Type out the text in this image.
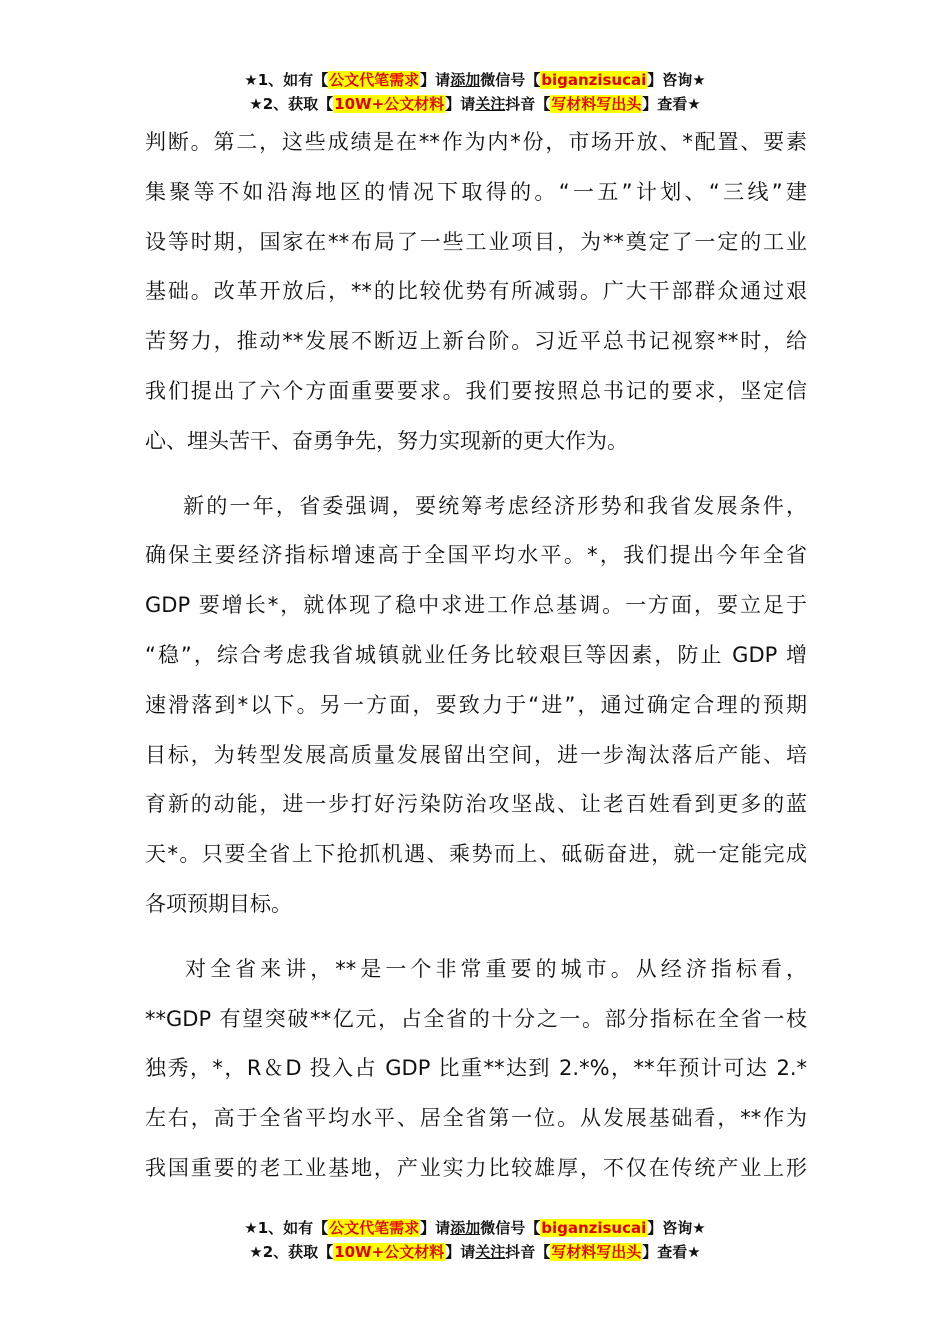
★1、如有【公文代笔需求】请添加微信号【biganzisucai】咨询★
★2、获取【10W+公文材料】请关注抖音【写材料写出头】查看★

判断。第二，这些成绩是在**作为内*份，市场开放、*配置、要素
集聚等不如沿海地区的情况下取得的。“一五”计划、“三线”建
设等时期，国家在**布局了一些工业项目，为**奠定了一定的工业
基础。改革开放后，**的比较优势有所减弱。广大干部群众通过艰
苦努力，推动**发展不断迈上新台阶。习近平总书记视察**时，给
我们提出了六个方面重要要求。我们要按照总书记的要求，坚定信
心、埋头苦干、奋勇争先，努力实现新的更大作为。

新的一年，省委强调，要统筹考虑经济形势和我省发展条件，
确保主要经济指标增速高于全国平均水平。*，我们提出今年全省
GDP 要增长*，就体现了稳中求进工作总基调。一方面，要立足于
“稳”，综合考虑我省城镇就业任务比较艰巨等因素，防止 GDP 增
速滑落到*以下。另一方面，要致力于“进”，通过确定合理的预期
目标，为转型发展高质量发展留出空间，进一步淘汰落后产能、培
育新的动能，进一步打好污染防治攻坚战、让老百姓看到更多的蓝
天*。只要全省上下抢抓机遇、乘势而上、砥砺奋进，就一定能完成
各项预期目标。

对全省来讲，**是一个非常重要的城市。从经济指标看，
**GDP 有望突破**亿元，占全省的十分之一。部分指标在全省一枝
独秀，*，R＆D 投入占 GDP 比重**达到 2.*%，**年预计可达 2.*
左右，高于全省平均水平、居全省第一位。从发展基础看，**作为
我国重要的老工业基地，产业实力比较雄厚，不仅在传统产业上形

★1、如有【公文代笔需求】请添加微信号【biganzisucai】咨询★
★2、获取【10W+公文材料】请关注抖音【写材料写出头】查看★
